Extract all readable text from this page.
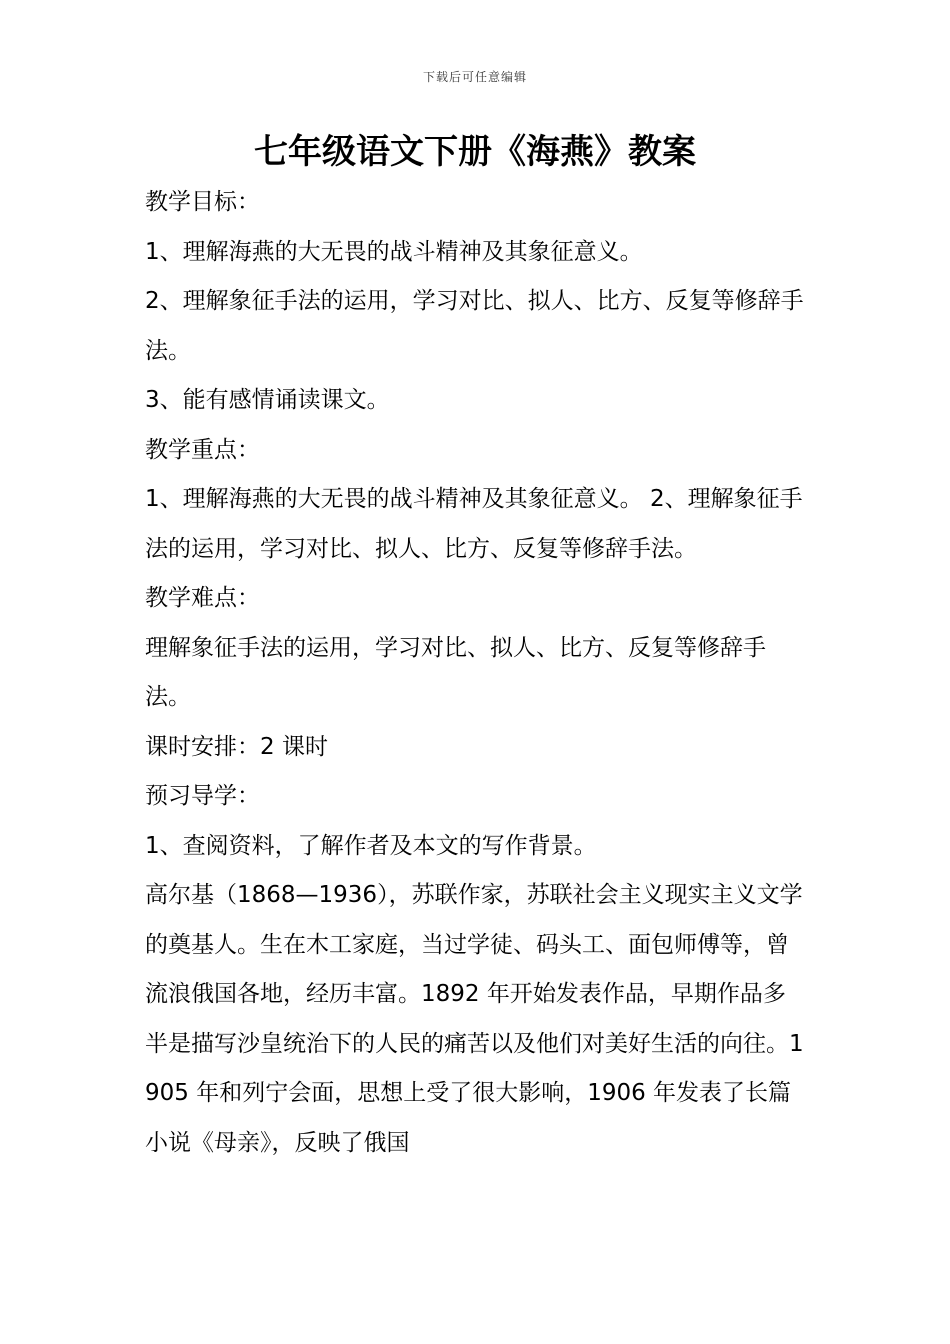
下载后可任意编辑
七年级语文下册《海燕》教案

教学目标：

1、理解海燕的大无畏的战斗精神及其象征意义。

2、理解象征手法的运用，学习对比、拟人、比方、反复等修辞手法。

3、能有感情诵读课文。

教学重点：

1、理解海燕的大无畏的战斗精神及其象征意义。 2、理解象征手法的运用，学习对比、拟人、比方、反复等修辞手法。

教学难点：

理解象征手法的运用，学习对比、拟人、比方、反复等修辞手法。

课时安排：2 课时

预习导学：

1、查阅资料，了解作者及本文的写作背景。

高尔基（1868—1936），苏联作家，苏联社会主义现实主义文学的奠基人。生在木工家庭，当过学徒、码头工、面包师傅等，曾流浪俄国各地，经历丰富。1892 年开始发表作品，早期作品多半是描写沙皇统治下的人民的痛苦以及他们对美好生活的向往。1905 年和列宁会面，思想上受了很大影响，1906 年发表了长篇小说《母亲》，反映了俄国
